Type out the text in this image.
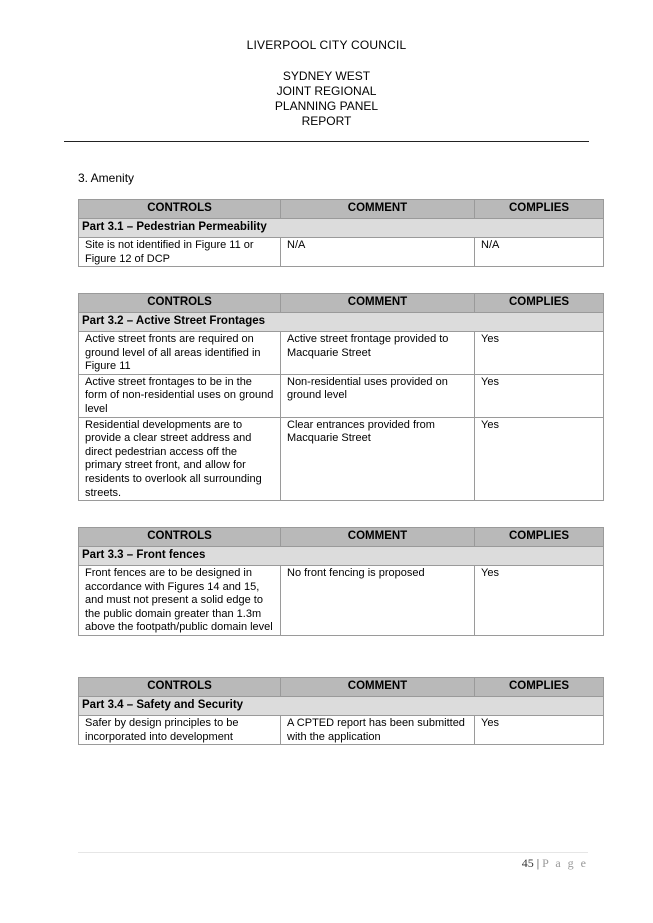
LIVERPOOL CITY COUNCIL
SYDNEY WEST
JOINT REGIONAL
PLANNING PANEL
REPORT
3. Amenity
CONTROLS	COMMENT	COMPLIES
Part 3.1 – Pedestrian Permeability		
Site is not identified in Figure 11 or Figure 12 of DCP	N/A	N/A
CONTROLS	COMMENT	COMPLIES
Part 3.2 – Active Street Frontages		
Active street fronts are required on ground level of all areas identified in Figure 11	Active street frontage provided to Macquarie Street	Yes
Active street frontages to be in the form of non-residential uses on ground level	Non-residential uses provided on ground level	Yes
Residential developments are to provide a clear street address and direct pedestrian access off the primary street front, and allow for residents to overlook all surrounding streets.	Clear entrances provided from Macquarie Street	Yes
CONTROLS	COMMENT	COMPLIES
Part 3.3 – Front fences		
Front fences are to be designed in accordance with Figures 14 and 15, and must not present a solid edge to the public domain greater than 1.3m above the footpath/public domain level	No front fencing is proposed	Yes
CONTROLS	COMMENT	COMPLIES
Part 3.4 – Safety and Security		
Safer by design principles to be incorporated into development	A CPTED report has been submitted with the application	Yes
45 | P a g e
